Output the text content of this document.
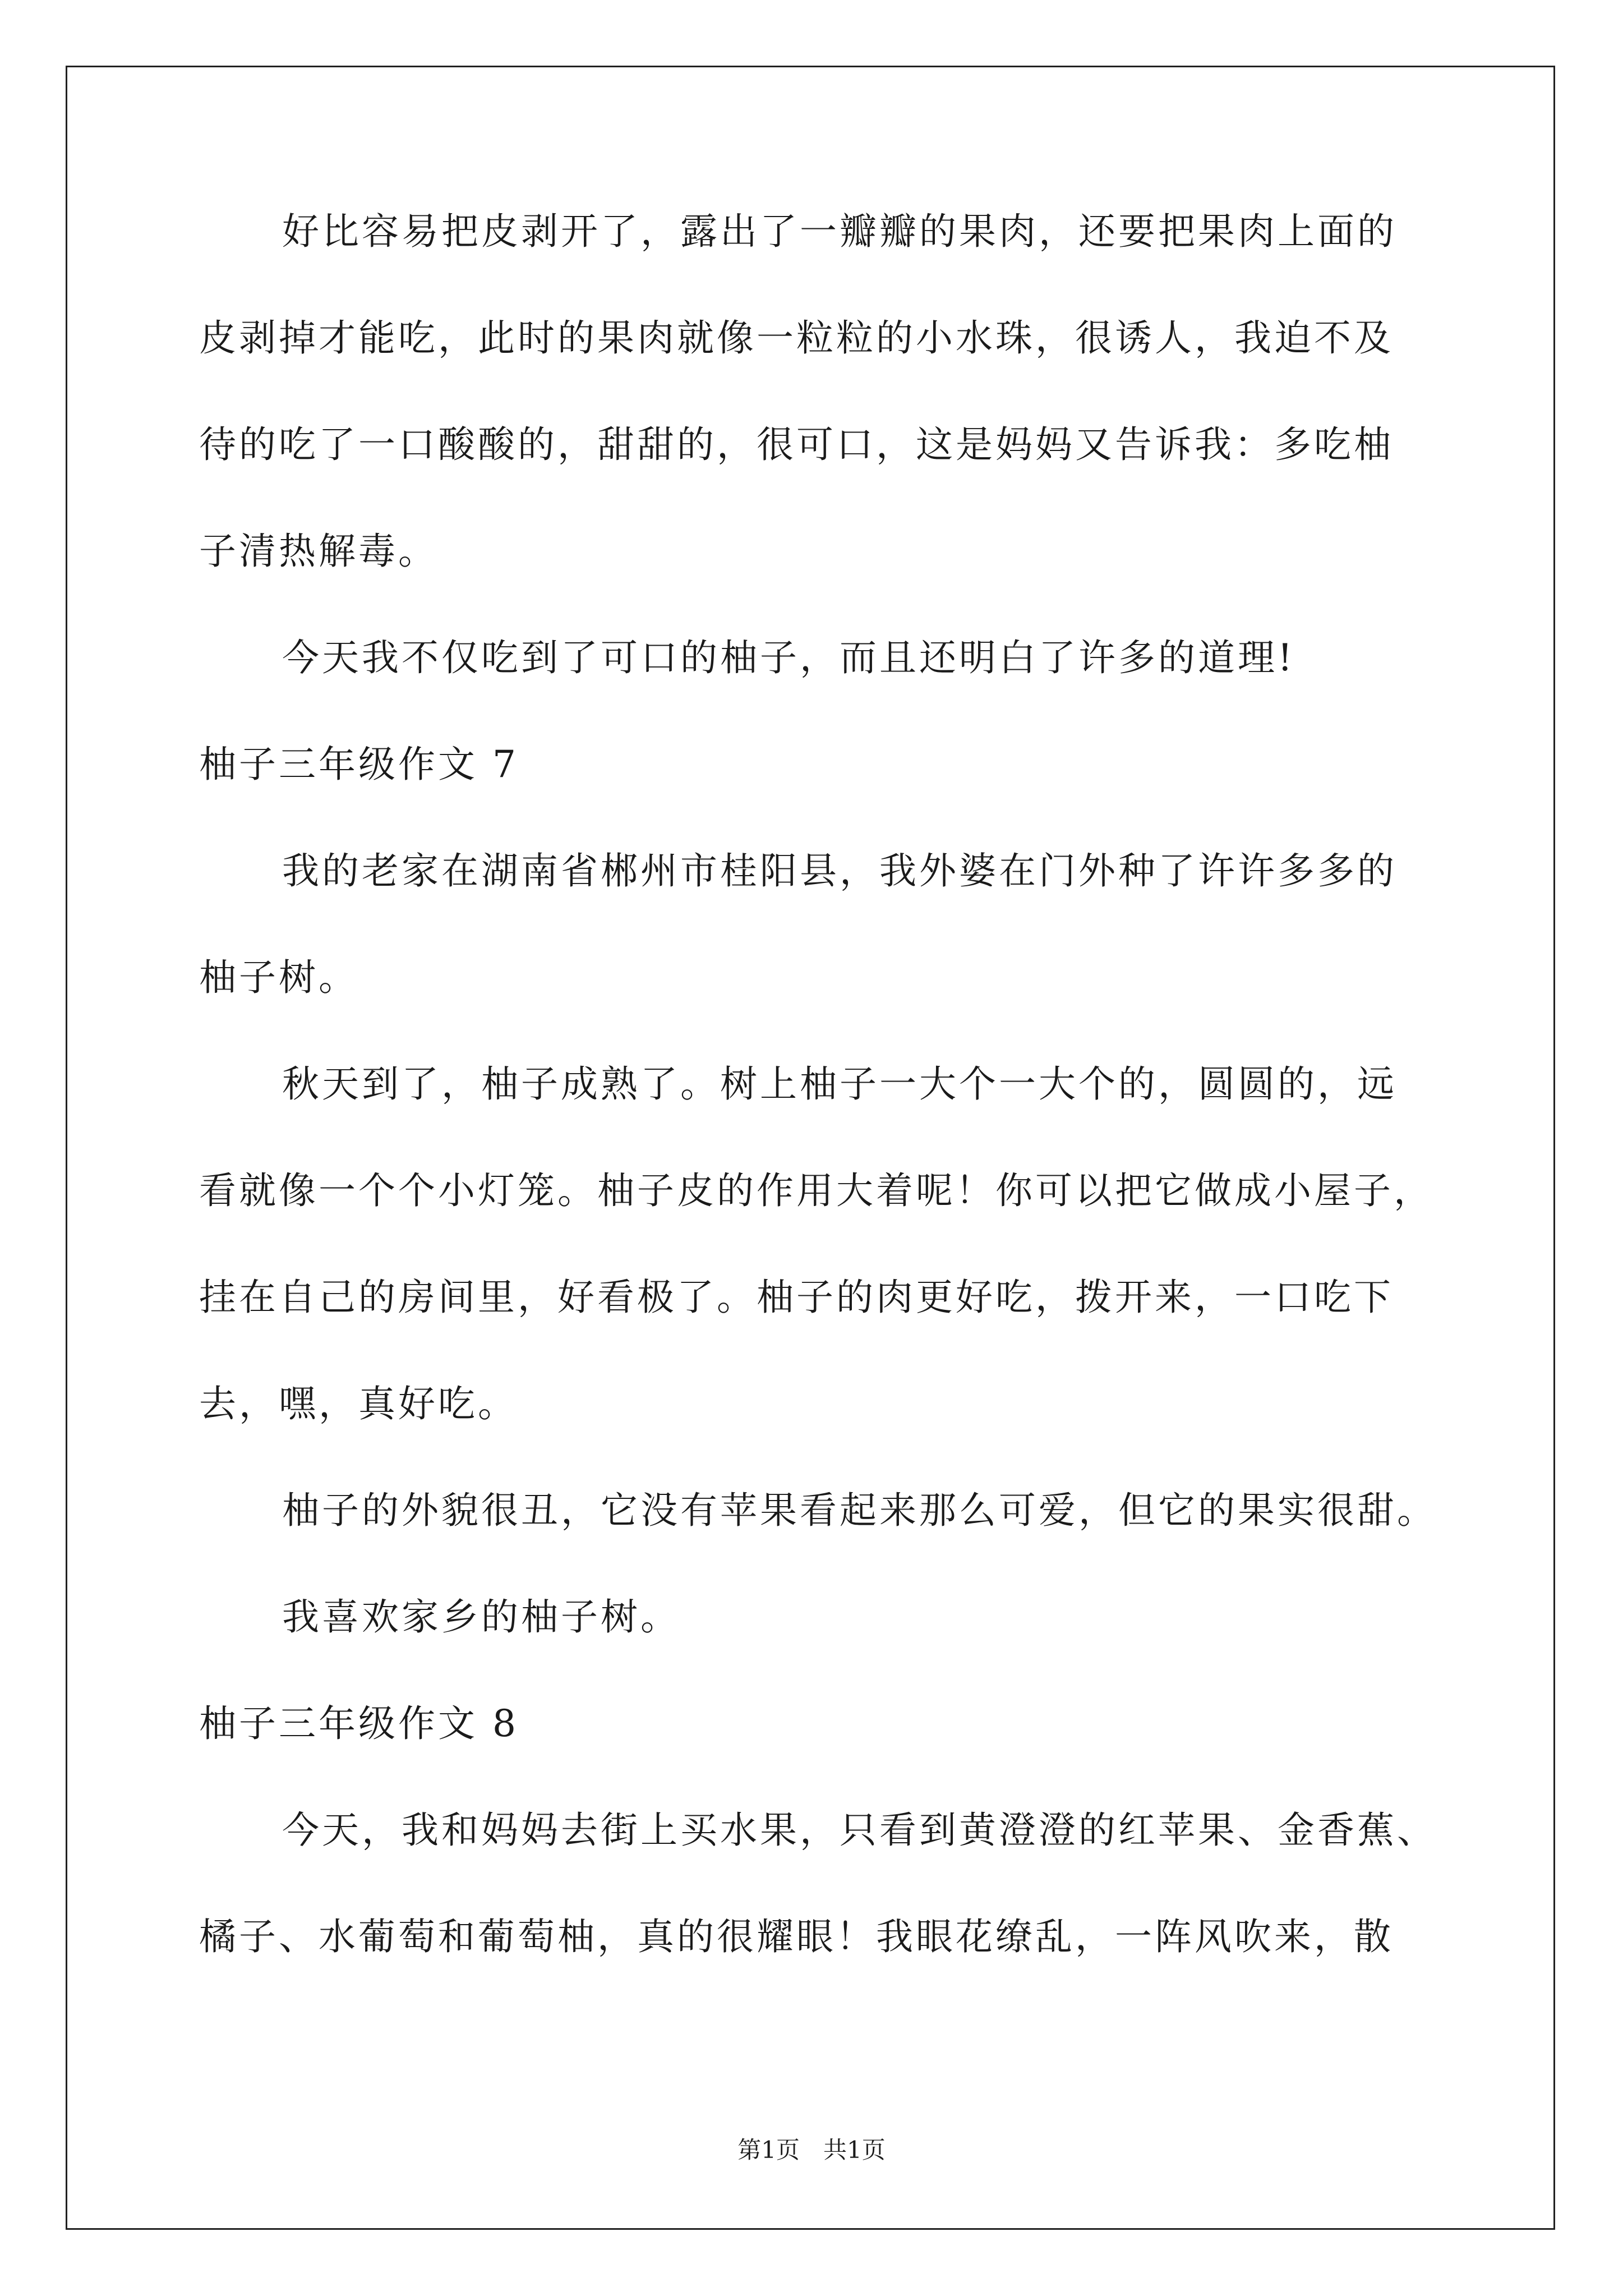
好比容易把皮剥开了，露出了一瓣瓣的果肉，还要把果肉上面的
皮剥掉才能吃，此时的果肉就像一粒粒的小水珠，很诱人，我迫不及
待的吃了一口酸酸的，甜甜的，很可口，这是妈妈又告诉我：多吃柚
子清热解毒。
今天我不仅吃到了可口的柚子，而且还明白了许多的道理!
柚子三年级作文 7
我的老家在湖南省郴州市桂阳县，我外婆在门外种了许许多多的
柚子树。
秋天到了，柚子成熟了。树上柚子一大个一大个的，圆圆的，远
看就像一个个小灯笼。柚子皮的作用大着呢！你可以把它做成小屋子，
挂在自己的房间里，好看极了。柚子的肉更好吃，拨开来，一口吃下
去，嘿，真好吃。
柚子的外貌很丑，它没有苹果看起来那么可爱，但它的果实很甜。
我喜欢家乡的柚子树。
柚子三年级作文 8
今天，我和妈妈去街上买水果，只看到黄澄澄的红苹果、金香蕉、
橘子、水葡萄和葡萄柚，真的很耀眼！我眼花缭乱，一阵风吹来，散
第1页　共1页
